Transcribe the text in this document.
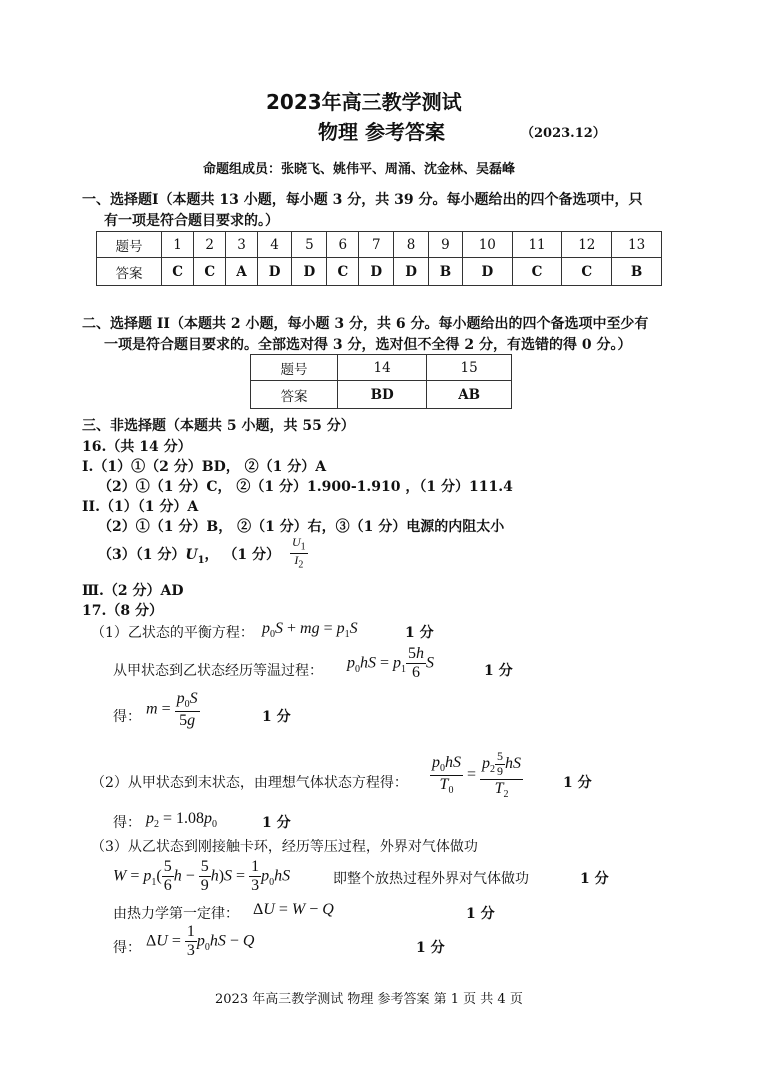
2023年高三教学测试
物理 参考答案	（2023.12）
命题组成员：张晓飞、姚伟平、周涌、沈金林、吴磊峰
一、选择题Ⅰ（本题共 13 小题，每小题 3 分，共 39 分。每小题给出的四个备选项中，只
有一项是符合题目要求的。）
题号	1	2	3	4	5	6	7	8	9	10	11	12	13
答案	C	C	A	D	D	C	D	D	B	D	C	C	B
二、选择题 II（本题共 2 小题，每小题 3 分，共 6 分。每小题给出的四个备选项中至少有
一项是符合题目要求的。全部选对得 3 分，选对但不全得 2 分，有选错的得 0 分。）
题号	14	15
答案	BD	AB
三、非选择题（本题共 5 小题，共 55 分）
16.（共 14 分）
I.（1）①（2 分）BD， ②（1 分）A
（2）①（1 分）C， ②（1 分）1.900-1.910 ，（1 分）111.4
II.（1）（1 分）A
（2）①（1 分）B， ②（1 分）右，③（1 分）电源的内阻太小
（3）（1 分）$U_1$， （1 分） $\frac{U_1}{I_2}$
Ⅲ.（2 分）AD
17.（8 分）
（1）乙状态的平衡方程： $p_0S$ + mg = $p_1S$	1 分
从甲状态到乙状态经历等温过程： $p_0hS = p_1 \frac{5h}{6}$ S	1 分
得： $m = \frac{p_0S}{5g}$	1 分
（2）从甲状态到末状态，由理想气体状态方程得： $\frac{p_0hS}{T_0} = \frac{p_2 \frac{5}{9} hS}{T_2}$	1 分
得： $p_2 = 1.08p_0$	1 分
（3）从乙状态到刚接触卡环，经历等压过程，外界对气体做功
$W = p_1( \frac{5}{6}$ $h - \frac{5}{9} h)S = \frac{1}{3} p_0hS$	即整个放热过程外界对气体做功	1 分
由热力学第一定律： ΔU = W − Q	1 分
得： $\Delta U = \frac{1}{3} p_0hS - Q$	1 分
2023 年高三教学测试 物理 参考答案 第 1 页 共 4 页
